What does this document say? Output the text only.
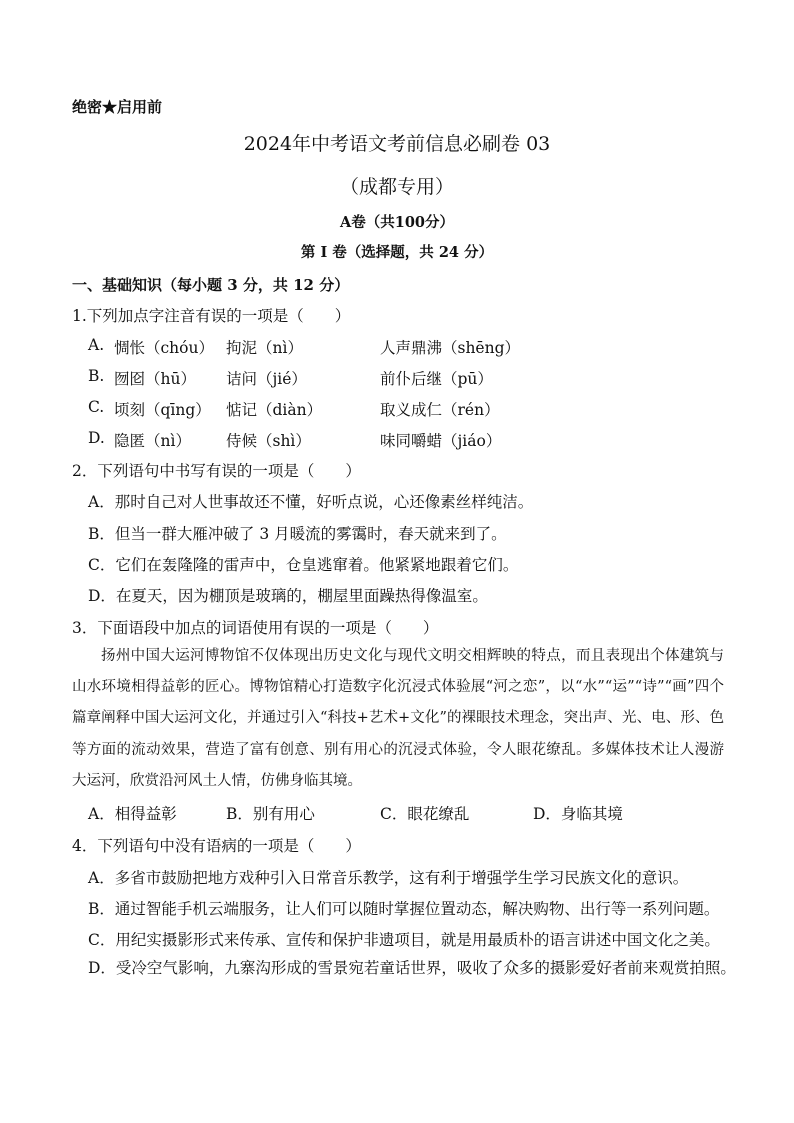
绝密★启用前
2024年中考语文考前信息必刷卷 03
（成都专用）
A卷（共100分）
第 I 卷（选择题，共 24 分）
一、基础知识（每小题 3 分，共 12 分）
1.下列加点字注音有误的一项是（　　）
A. 惆怅（chóu） 拘泥（nì）	人声鼎沸（shēng）
B. 囫囵（hū） 诘问（jié）	前仆后继（pū）
C. 顷刻（qīng） 惦记（diàn）	取义成仁（rén）
D. 隐匿（nì） 侍候（shì）	味同嚼蜡（jiáo）
2．下列语句中书写有误的一项是（　　）
A．那时自己对人世事故还不懂，好听点说，心还像素丝样纯洁。
B．但当一群大雁冲破了 3 月暖流的雾霭时，春天就来到了。
C．它们在轰隆隆的雷声中，仓皇逃窜着。他紧紧地跟着它们。
D．在夏天，因为棚顶是玻璃的，棚屋里面躁热得像温室。
3．下面语段中加点的词语使用有误的一项是（　　）

扬州中国大运河博物馆不仅体现出历史文化与现代文明交相辉映的特点，而且表现出个体建筑与山水环境相得益彰的匠心。博物馆精心打造数字化沉浸式体验展“河之恋”，以“水”“运”“诗”“画”四个篇章阐释中国大运河文化，并通过引入“科技+艺术+文化”的裸眼技术理念，突出声、光、电、形、色等方面的流动效果，营造了富有创意、别有用心的沉浸式体验，令人眼花缭乱。多媒体技术让人漫游大运河，欣赏沿河风土人情，仿佛身临其境。

A．相得益彰	B．别有用心	C．眼花缭乱	D．身临其境
4．下列语句中没有语病的一项是（　　）
A．多省市鼓励把地方戏种引入日常音乐教学，这有利于增强学生学习民族文化的意识。
B．通过智能手机云端服务，让人们可以随时掌握位置动态，解决购物、出行等一系列问题。
C．用纪实摄影形式来传承、宣传和保护非遗项目，就是用最质朴的语言讲述中国文化之美。
D．受冷空气影响，九寨沟形成的雪景宛若童话世界，吸收了众多的摄影爱好者前来观赏拍照。
